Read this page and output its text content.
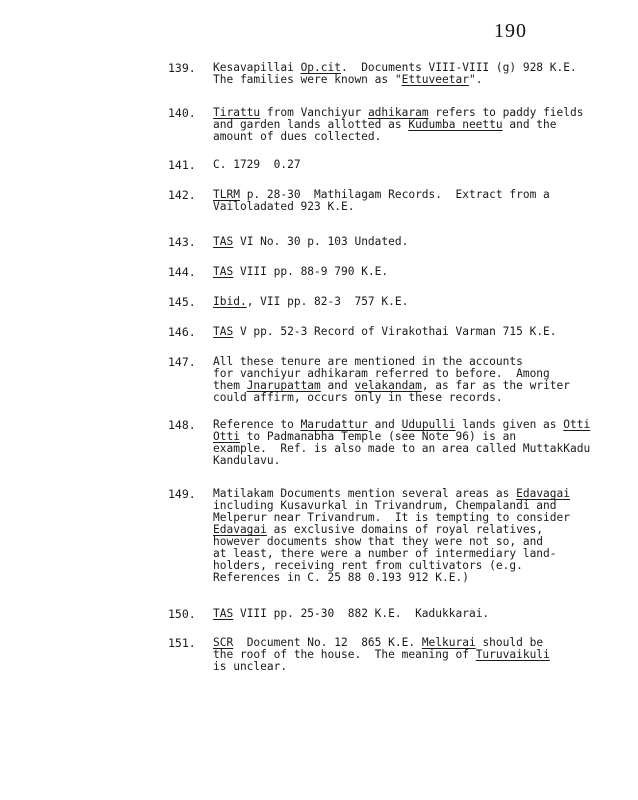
190
139. Kesavapillai Op.cit.  Documents VIII-VIII (g) 928 K.E.
The families were known as "Ettuveetar".
140. Tirattu from Vanchiyur adhikaram refers to paddy fields
and garden lands allotted as Kudumba neettu and the
amount of dues collected.
141. C. 1729  0.27
142. TLRM p. 28-30  Mathilagam Records.  Extract from a
Vailoladated 923 K.E.
143. TAS VI No. 30 p. 103 Undated.
144. TAS VIII pp. 88-9 790 K.E.
145. Ibid., VII pp. 82-3  757 K.E.
146. TAS V pp. 52-3 Record of Virakothai Varman 715 K.E.
147. All these tenure are mentioned in the accounts
for vanchiyur adhikaram referred to before.  Among
them Jnarupattam and velakandam, as far as the writer
could affirm, occurs only in these records.
148. Reference to Marudattur and Udupulli lands given as Otti
Otti to Padmanabha Temple (see Note 96) is an
example.  Ref. is also made to an area called MuttakKadu
Kandulavu.
149. Matilakam Documents mention several areas as Edavagai
including Kusavurkal in Trivandrum, Chempalandi and
Melperur near Trivandrum.  It is tempting to consider
Edavagai as exclusive domains of royal relatives,
however documents show that they were not so, and
at least, there were a number of intermediary land-
holders, receiving rent from cultivators (e.g.
References in C. 25 88 0.193 912 K.E.)
150. TAS VIII pp. 25-30  882 K.E.  Kadukkarai.
151. SCR  Document No. 12  865 K.E. Melkurai should be
the roof of the house.  The meaning of Turuvaikuli
is unclear.
